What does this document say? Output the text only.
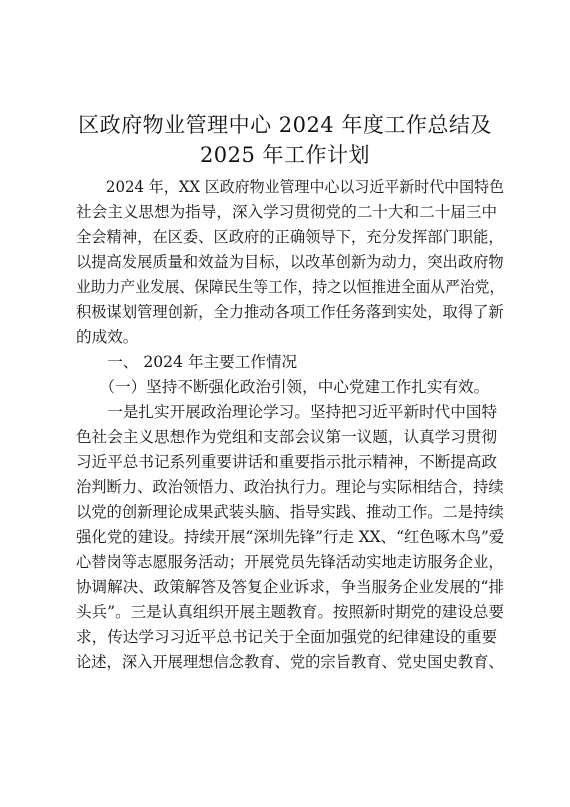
区政府物业管理中心 2024 年度工作总结及
2025 年工作计划
　　2024 年，XX 区政府物业管理中心以习近平新时代中国特色
社会主义思想为指导，深入学习贯彻党的二十大和二十届三中
全会精神，在区委、区政府的正确领导下，充分发挥部门职能，
以提高发展质量和效益为目标，以改革创新为动力，突出政府物
业助力产业发展、保障民生等工作，持之以恒推进全面从严治党，
积极谋划管理创新，全力推动各项工作任务落到实处，取得了新
的成效。
　　一、 2024 年主要工作情况
　　（一）坚持不断强化政治引领，中心党建工作扎实有效。
　　一是扎实开展政治理论学习。坚持把习近平新时代中国特
色社会主义思想作为党组和支部会议第一议题，认真学习贯彻
习近平总书记系列重要讲话和重要指示批示精神，不断提高政
治判断力、政治领悟力、政治执行力。理论与实际相结合，持续
以党的创新理论成果武装头脑、指导实践、推动工作。二是持续
强化党的建设。持续开展“深圳先锋”行走 XX、“红色啄木鸟”爱
心替岗等志愿服务活动；开展党员先锋活动实地走访服务企业，
协调解决、政策解答及答复企业诉求，争当服务企业发展的“排
头兵”。三是认真组织开展主题教育。按照新时期党的建设总要
求，传达学习习近平总书记关于全面加强党的纪律建设的重要
论述，深入开展理想信念教育、党的宗旨教育、党史国史教育、
